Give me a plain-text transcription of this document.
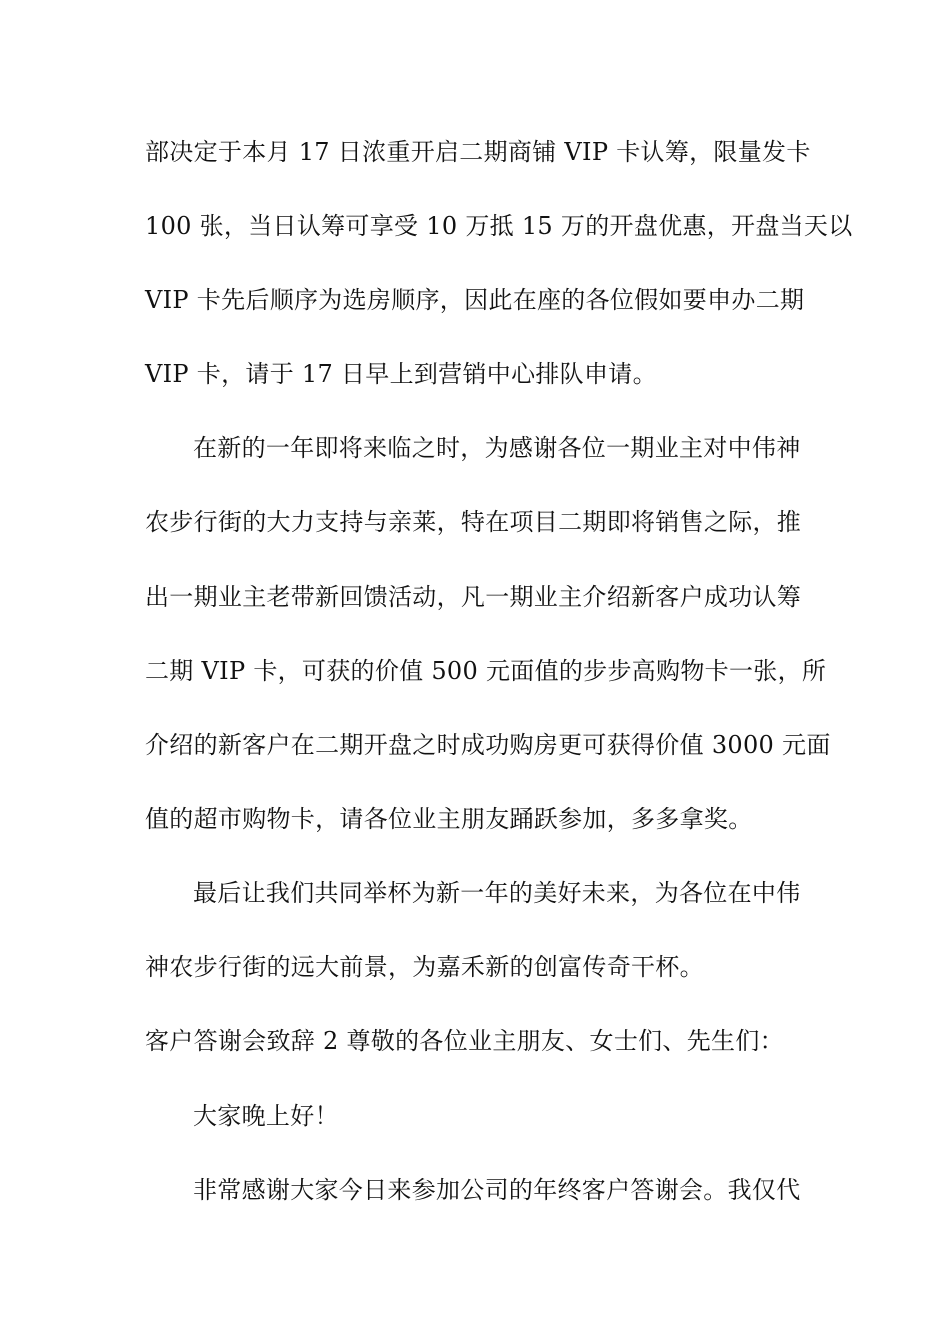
部决定于本月 17 日浓重开启二期商铺 VIP 卡认筹，限量发卡
100 张，当日认筹可享受 10 万抵 15 万的开盘优惠，开盘当天以
VIP 卡先后顺序为选房顺序，因此在座的各位假如要申办二期
VIP 卡，请于 17 日早上到营销中心排队申请。
在新的一年即将来临之时，为感谢各位一期业主对中伟神
农步行街的大力支持与亲莱，特在项目二期即将销售之际，推
出一期业主老带新回馈活动，凡一期业主介绍新客户成功认筹
二期 VIP 卡，可获的价值 500 元面值的步步高购物卡一张，所
介绍的新客户在二期开盘之时成功购房更可获得价值 3000 元面
值的超市购物卡，请各位业主朋友踊跃参加，多多拿奖。
最后让我们共同举杯为新一年的美好未来，为各位在中伟
神农步行街的远大前景，为嘉禾新的创富传奇干杯。
客户答谢会致辞 2 尊敬的各位业主朋友、女士们、先生们：
大家晚上好！
非常感谢大家今日来参加公司的年终客户答谢会。我仅代
